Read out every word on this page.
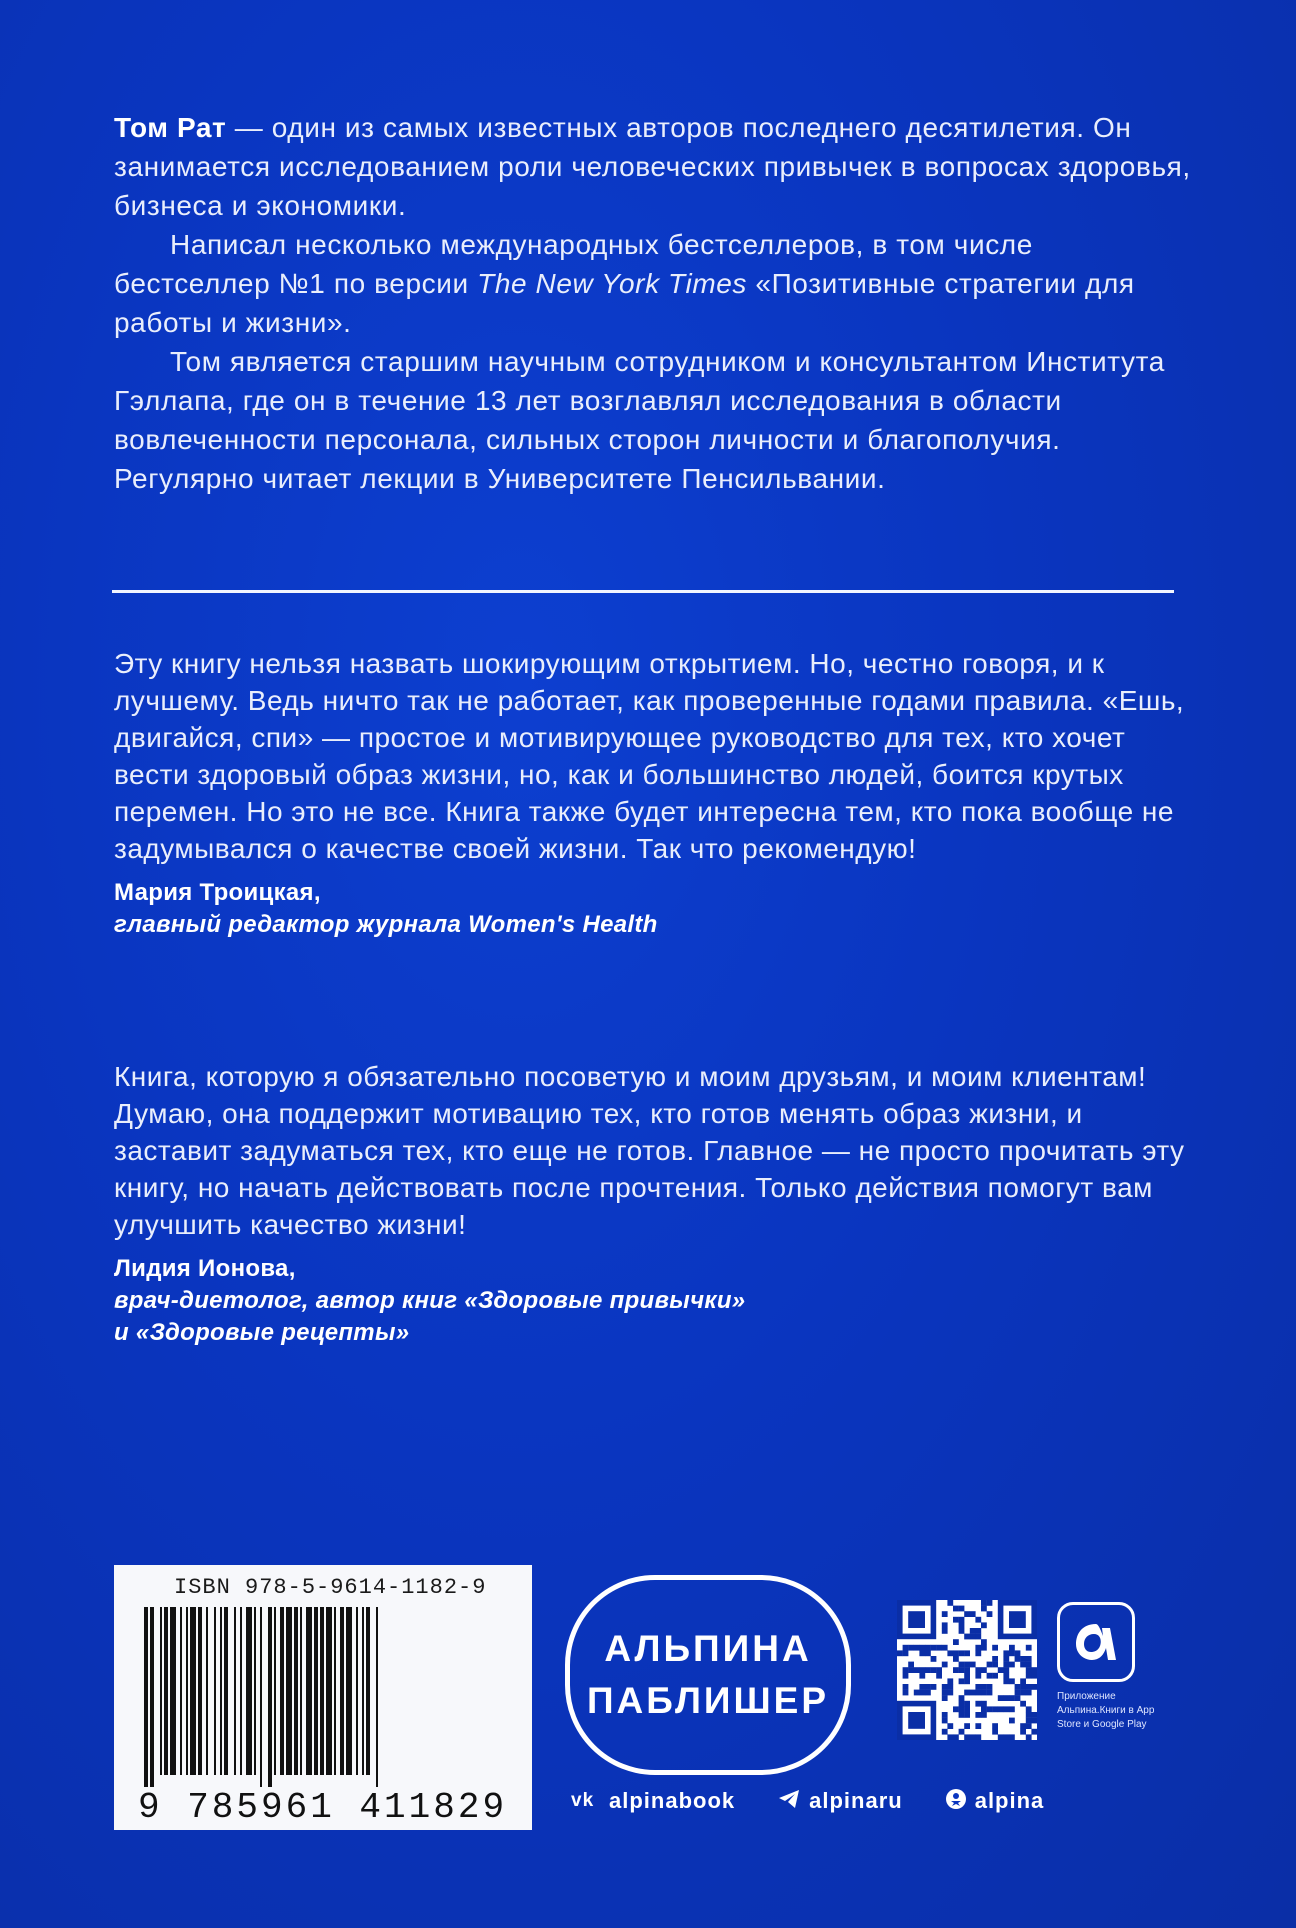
Том Рат — один из самых известных авторов последнего десятилетия. Он занимается исследованием роли человеческих привычек в вопросах здоровья, бизнеса и экономики.

Написал несколько международных бестселлеров, в том числе бестселлер №1 по версии The New York Times «Позитивные стратегии для работы и жизни».

Том является старшим научным сотрудником и консультантом Института Гэллапа, где он в течение 13 лет возглавлял исследования в области вовлеченности персонала, сильных сторон личности и благополучия.

Регулярно читает лекции в Университете Пенсильвании.

Эту книгу нельзя назвать шокирующим открытием. Но, честно говоря, и к лучшему. Ведь ничто так не работает, как проверенные годами правила. «Ешь, двигайся, спи» — простое и мотивирующее руководство для тех, кто хочет вести здоровый образ жизни, но, как и большинство людей, боится крутых перемен. Но это не все. Книга также будет интересна тем, кто пока вообще не задумывался о качестве своей жизни. Так что рекомендую!

Мария Троицкая,

главный редактор журнала Women's Health

Книга, которую я обязательно посоветую и моим друзьям, и моим клиентам! Думаю, она поддержит мотивацию тех, кто готов менять образ жизни, и заставит задуматься тех, кто еще не готов. Главное — не просто прочитать эту книгу, но начать действовать после прочтения. Только действия помогут вам улучшить качество жизни!

Лидия Ионова,

врач-диетолог, автор книг «Здоровые привычки»

и «Здоровые рецепты»

ISBN 978-5-9614-1182-9
9 785961 411829
АЛЬПИНА
ПАБЛИШЕР	Приложение Альпина.Книги в App Store и Google Play
vk alpinabook	alpinaru	alpina
